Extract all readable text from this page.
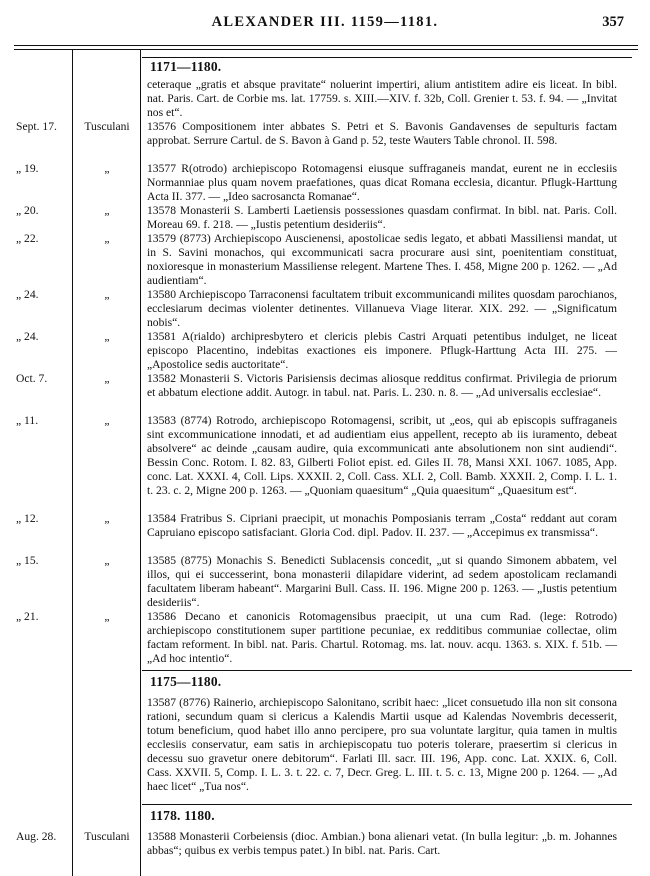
ALEXANDER III. 1159—1181.	357
1171—1180.

ceteraque „gratis et absque pravitate“ noluerint impertiri, alium antistitem adire eis liceat. In bibl. nat. Paris. Cart. de Corbie ms. lat. 17759. s. XIII.—XIV. f. 32b, Coll. Grenier t. 53. f. 94. — „Invitat nos et“.

Sept. 17.	Tusculani	13576 Compositionem inter abbates S. Petri et S. Bavonis Gandavenses de sepulturis factam approbat. Serrure Cartul. de S. Bavon à Gand p. 52, teste Wauters Table chronol. II. 598.

„ 19.	„	13577 R(otrodo) archiepiscopo Rotomagensi eiusque suffraganeis mandat, eurent ne in ecclesiis Normanniae plus quam novem praefationes, quas dicat Romana ecclesia, dicantur. Pflugk-Harttung Acta II. 377. — „Ideo sacrosancta Romanae“.

„ 20.	„	13578 Monasterii S. Lamberti Laetiensis possessiones quasdam confirmat. In bibl. nat. Paris. Coll. Moreau 69. f. 218. — „Iustis petentium desideriis“.

„ 22.	„	13579 (8773) Archiepiscopo Auscienensi, apostolicae sedis legato, et abbati Massiliensi mandat, ut in S. Savini monachos, qui excommunicati sacra procurare ausi sint, poenitentiam constituat, noxioresque in monasterium Massiliense relegent. Martene Thes. I. 458, Migne 200 p. 1262. — „Ad audientiam“.

„ 24.	„	13580 Archiepiscopo Tarraconensi facultatem tribuit excommunicandi milites quosdam parochianos, ecclesiarum decimas violenter detinentes. Villanueva Viage literar. XIX. 292. — „Significatum nobis“.

„ 24.	„	13581 A(rialdo) archipresbytero et clericis plebis Castri Arquati petentibus indulget, ne liceat episcopo Placentino, indebitas exactiones eis imponere. Pflugk-Harttung Acta III. 275. — „Apostolice sedis auctoritate“.

Oct. 7.	„	13582 Monasterii S. Victoris Parisiensis decimas aliosque redditus confirmat. Privilegia de priorum et abbatum electione addit. Autogr. in tabul. nat. Paris. L. 230. n. 8. — „Ad universalis ecclesiae“.

„ 11.	„	13583 (8774) Rotrodo, archiepiscopo Rotomagensi, scribit, ut „eos, qui ab episcopis suffraganeis sint excommunicatione innodati, et ad audientiam eius appellent, recepto ab iis iuramento, debeat absolvere“ ac deinde „causam audire, quia excommunicati ante absolutionem non sint audiendi“. Bessin Conc. Rotom. I. 82. 83, Gilberti Foliot epist. ed. Giles II. 78, Mansi XXI. 1067. 1085, App. conc. Lat. XXXI. 4, Coll. Lips. XXXII. 2, Coll. Cass. XLI. 2, Coll. Bamb. XXXII. 2, Comp. I. L. 1. t. 23. c. 2, Migne 200 p. 1263. — „Quoniam quaesitum“ „Quia quaesitum“ „Quaesitum est“.

„ 12.	„	13584 Fratribus S. Cipriani praecipit, ut monachis Pomposianis terram „Costa“ reddant aut coram Capruiano episcopo satisfaciant. Gloria Cod. dipl. Padov. II. 237. — „Accepimus ex transmissa“.

„ 15.	„	13585 (8775) Monachis S. Benedicti Sublacensis concedit, „ut si quando Simonem abbatem, vel illos, qui ei successerint, bona monasterii dilapidare viderint, ad sedem apostolicam reclamandi facultatem liberam habeant“. Margarini Bull. Cass. II. 196. Migne 200 p. 1263. — „Iustis petentium desideriis“.

„ 21.	„	13586 Decano et canonicis Rotomagensibus praecipit, ut una cum Rad. (lege: Rotrodo) archiepiscopo constitutionem super partitione pecuniae, ex redditibus communiae collectae, olim factam reforment. In bibl. nat. Paris. Chartul. Rotomag. ms. lat. nouv. acqu. 1363. s. XIX. f. 51b. — „Ad hoc intentio“.

1175—1180.

13587 (8776) Rainerio, archiepiscopo Salonitano, scribit haec: „licet consuetudo illa non sit consona rationi, secundum quam si clericus a Kalendis Martii usque ad Kalendas Novembris decesserit, totum beneficium, quod habet illo anno percipere, pro sua voluntate largitur, quia tamen in multis ecclesiis conservatur, eam satis in archiepiscopatu tuo poteris tolerare, praesertim si clericus in decessu suo gravetur onere debitorum“. Farlati Ill. sacr. III. 196, App. conc. Lat. XXIX. 6, Coll. Cass. XXVII. 5, Comp. I. L. 3. t. 22. c. 7, Decr. Greg. L. III. t. 5. c. 13, Migne 200 p. 1264. — „Ad haec licet“ „Tua nos“.

1178. 1180.
Aug. 28.	Tusculani	13588 Monasterii Corbeiensis (dioc. Ambian.) bona alienari vetat. (In bulla legitur: „b. m. Johannes abbas“; quibus ex verbis tempus patet.) In bibl. nat. Paris. Cart.
